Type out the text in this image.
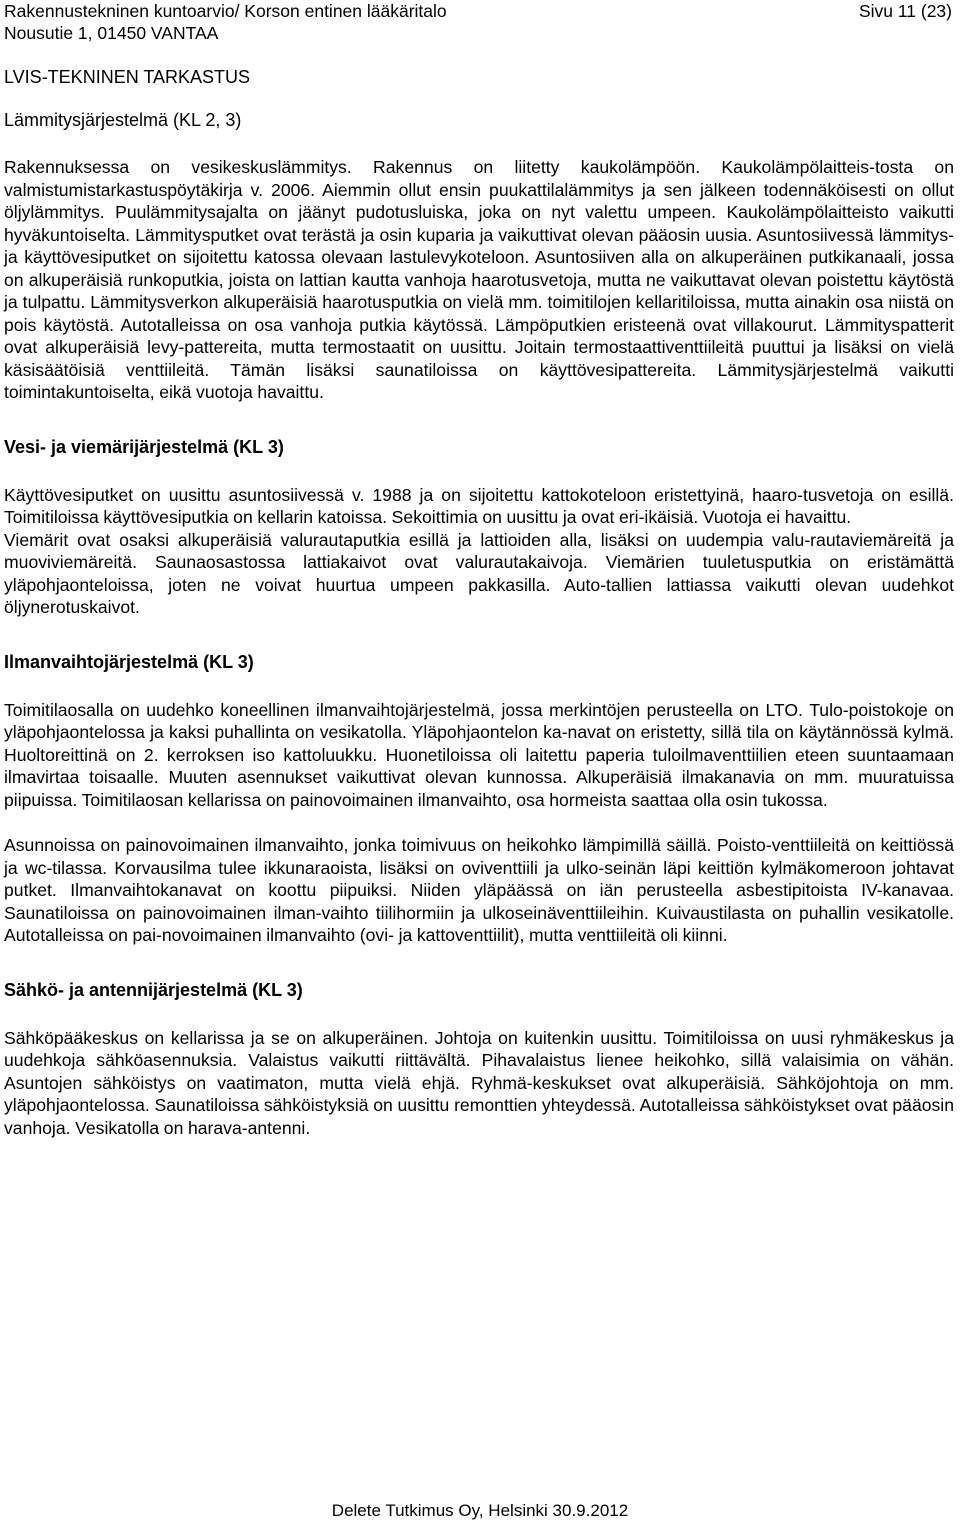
Rakennustekninen kuntoarvio/ Korson entinen lääkäritalo
Nousutie 1, 01450 VANTAA
Sivu 11 (23)
LVIS-TEKNINEN TARKASTUS
Lämmitysjärjestelmä (KL 2, 3)

Rakennuksessa on vesikeskuslämmitys. Rakennus on liitetty kaukolämpöön. Kaukolämpölaitteis-tosta on valmistumistarkastuspöytäkirja v. 2006. Aiemmin ollut ensin puukattilalämmitys ja sen jälkeen todennäköisesti on ollut öljylämmitys. Puulämmitysajalta on jäänyt pudotusluiska, joka on nyt valettu umpeen. Kaukolämpölaitteisto vaikutti hyväkuntoiselta. Lämmitysputket ovat terästä ja osin kuparia ja vaikuttivat olevan pääosin uusia. Asuntosiivessä lämmitys- ja käyttövesiputket on sijoitettu katossa olevaan lastulevykoteloon. Asuntosiiven alla on alkuperäinen putkikanaali, jossa on alkuperäisiä runkoputkia, joista on lattian kautta vanhoja haarotusvetoja, mutta ne vaikuttavat olevan poistettu käytöstä ja tulpattu. Lämmitysverkon alkuperäisiä haarotusputkia on vielä mm. toimitilojen kellaritiloissa, mutta ainakin osa niistä on pois käytöstä. Autotalleissa on osa vanhoja putkia käytössä. Lämpöputkien eristeenä ovat villakourut. Lämmityspatterit ovat alkuperäisiä levy-pattereita, mutta termostaatit on uusittu. Joitain termostaattiventtiileitä puuttui ja lisäksi on vielä käsisäätöisiä venttiileitä. Tämän lisäksi saunatiloissa on käyttövesipattereita. Lämmitysjärjestelmä vaikutti toimintakuntoiselta, eikä vuotoja havaittu.

Vesi- ja viemärijärjestelmä (KL 3)

Käyttövesiputket on uusittu asuntosiivessä v. 1988 ja on sijoitettu kattokoteloon eristettyinä, haaro-tusvetoja on esillä. Toimitiloissa käyttövesiputkia on kellarin katoissa. Sekoittimia on uusittu ja ovat eri-ikäisiä. Vuotoja ei havaittu.

Viemärit ovat osaksi alkuperäisiä valurautaputkia esillä ja lattioiden alla, lisäksi on uudempia valu-rautaviemäreitä ja muoviviemäreitä. Saunaosastossa lattiakaivot ovat valurautakaivoja. Viemärien tuuletusputkia on eristämättä yläpohjaonteloissa, joten ne voivat huurtua umpeen pakkasilla. Auto-tallien lattiassa vaikutti olevan uudehkot öljynerotuskaivot.

Ilmanvaihtojärjestelmä (KL 3)

Toimitilaosalla on uudehko koneellinen ilmanvaihtojärjestelmä, jossa merkintöjen perusteella on LTO. Tulo-poistokoje on yläpohjaontelossa ja kaksi puhallinta on vesikatolla. Yläpohjaontelon ka-navat on eristetty, sillä tila on käytännössä kylmä. Huoltoreittinä on 2. kerroksen iso kattoluukku. Huonetiloissa oli laitettu paperia tuloilmaventtiilien eteen suuntaamaan ilmavirtaa toisaalle. Muuten asennukset vaikuttivat olevan kunnossa. Alkuperäisiä ilmakanavia on mm. muuratuissa piipuissa. Toimitilaosan kellarissa on painovoimainen ilmanvaihto, osa hormeista saattaa olla osin tukossa.

Asunnoissa on painovoimainen ilmanvaihto, jonka toimivuus on heikohko lämpimillä säillä. Poisto-venttiileitä on keittiössä ja wc-tilassa. Korvausilma tulee ikkunaraoista, lisäksi on oviventtiili ja ulko-seinän läpi keittiön kylmäkomeroon johtavat putket. Ilmanvaihtokanavat on koottu piipuiksi. Niiden yläpäässä on iän perusteella asbestipitoista IV-kanavaa. Saunatiloissa on painovoimainen ilman-vaihto tiilihormiin ja ulkoseinäventtiileihin. Kuivaustilasta on puhallin vesikatolle. Autotalleissa on pai-novoimainen ilmanvaihto (ovi- ja kattoventtiilit), mutta venttiileitä oli kiinni.

Sähkö- ja antennijärjestelmä (KL 3)

Sähköpääkeskus on kellarissa ja se on alkuperäinen. Johtoja on kuitenkin uusittu. Toimitiloissa on uusi ryhmäkeskus ja uudehkoja sähköasennuksia. Valaistus vaikutti riittävältä. Pihavalaistus lienee heikohko, sillä valaisimia on vähän. Asuntojen sähköistys on vaatimaton, mutta vielä ehjä. Ryhmä-keskukset ovat alkuperäisiä. Sähköjohtoja on mm. yläpohjaontelossa. Saunatiloissa sähköistyksiä on uusittu remonttien yhteydessä. Autotalleissa sähköistykset ovat pääosin vanhoja. Vesikatolla on harava-antenni.

Delete Tutkimus Oy, Helsinki 30.9.2012
